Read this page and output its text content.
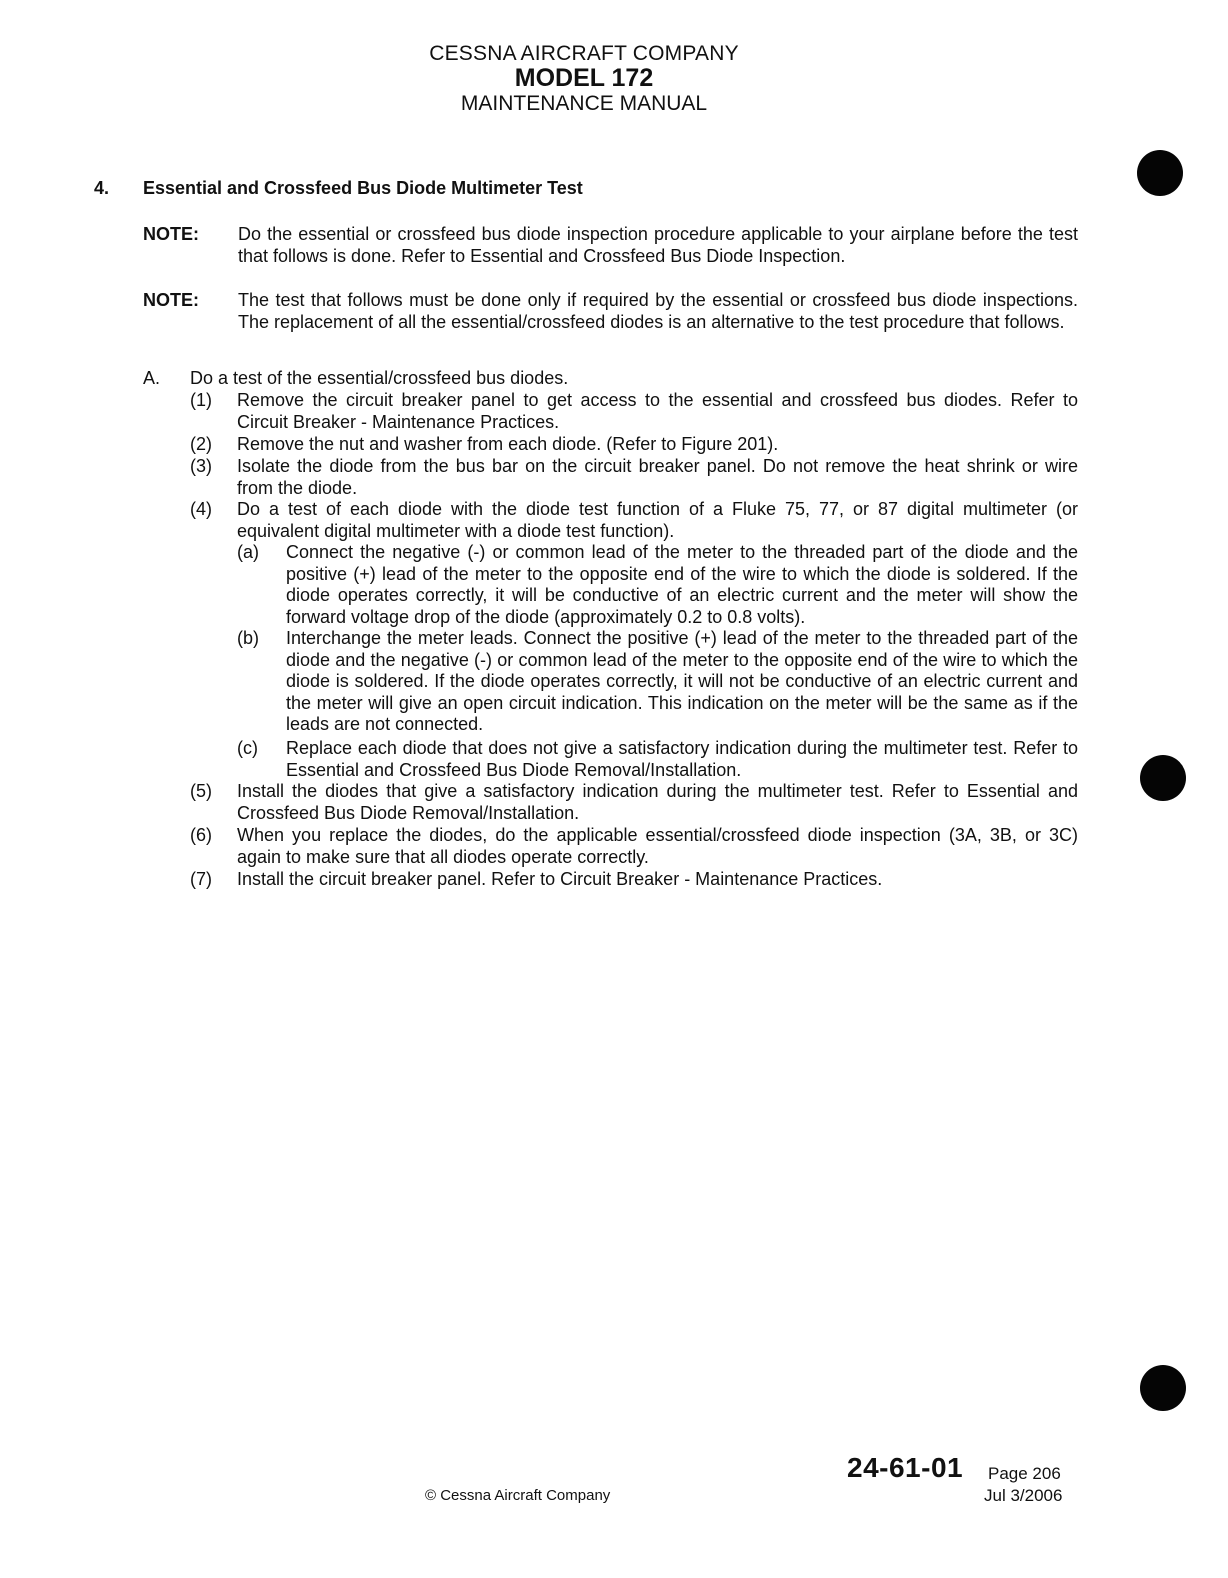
CESSNA AIRCRAFT COMPANY
MODEL 172
MAINTENANCE MANUAL
4. Essential and Crossfeed Bus Diode Multimeter Test
NOTE: Do the essential or crossfeed bus diode inspection procedure applicable to your airplane before the test that follows is done. Refer to Essential and Crossfeed Bus Diode Inspection.
NOTE: The test that follows must be done only if required by the essential or crossfeed bus diode inspections. The replacement of all the essential/crossfeed diodes is an alternative to the test procedure that follows.
A. Do a test of the essential/crossfeed bus diodes.
(1) Remove the circuit breaker panel to get access to the essential and crossfeed bus diodes. Refer to Circuit Breaker - Maintenance Practices.
(2) Remove the nut and washer from each diode. (Refer to Figure 201).
(3) Isolate the diode from the bus bar on the circuit breaker panel. Do not remove the heat shrink or wire from the diode.
(4) Do a test of each diode with the diode test function of a Fluke 75, 77, or 87 digital multimeter (or equivalent digital multimeter with a diode test function).
(a) Connect the negative (-) or common lead of the meter to the threaded part of the diode and the positive (+) lead of the meter to the opposite end of the wire to which the diode is soldered. If the diode operates correctly, it will be conductive of an electric current and the meter will show the forward voltage drop of the diode (approximately 0.2 to 0.8 volts).
(b) Interchange the meter leads. Connect the positive (+) lead of the meter to the threaded part of the diode and the negative (-) or common lead of the meter to the opposite end of the wire to which the diode is soldered. If the diode operates correctly, it will not be conductive of an electric current and the meter will give an open circuit indication. This indication on the meter will be the same as if the leads are not connected.
(c) Replace each diode that does not give a satisfactory indication during the multimeter test. Refer to Essential and Crossfeed Bus Diode Removal/Installation.
(5) Install the diodes that give a satisfactory indication during the multimeter test. Refer to Essential and Crossfeed Bus Diode Removal/Installation.
(6) When you replace the diodes, do the applicable essential/crossfeed diode inspection (3A, 3B, or 3C) again to make sure that all diodes operate correctly.
(7) Install the circuit breaker panel. Refer to Circuit Breaker - Maintenance Practices.
24-61-01 Page 206
Jul 3/2006
© Cessna Aircraft Company
